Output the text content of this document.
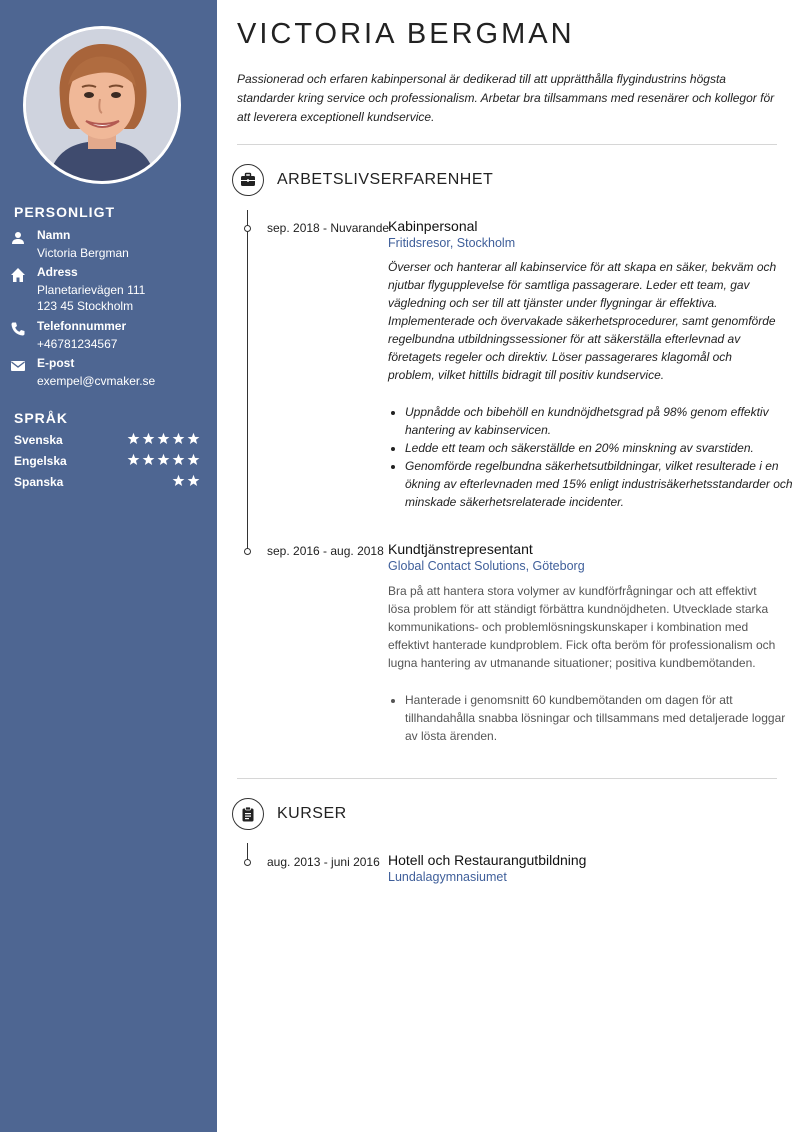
PERSONLIGT
Namn
Victoria Bergman
Adress
Planetarievägen 111
123 45 Stockholm
Telefonnummer
+46781234567
E-post
exempel@cvmaker.se
SPRÅK
Svenska
Engelska
Spanska
VICTORIA BERGMAN
Passionerad och erfaren kabinpersonal är dedikerad till att upprätthålla flygindustrins högsta standarder kring service och professionalism. Arbetar bra tillsammans med resenärer och kollegor för att leverera exceptionell kundservice.
ARBETSLIVSERFARENHET
sep. 2018 - Nuvarande
Kabinpersonal
Fritidsresor, Stockholm
Överser och hanterar all kabinservice för att skapa en säker, bekväm och njutbar flygupplevelse för samtliga passagerare. Leder ett team, gav vägledning och ser till att tjänster under flygningar är effektiva. Implementerade och övervakade säkerhetsprocedurer, samt genomförde regelbundna utbildningssessioner för att säkerställa efterlevnad av företagets regeler och direktiv. Löser passagerares klagomål och problem, vilket hittills bidragit till positiv kundservice.
• Uppnådde och bibehöll en kundnöjdhetsgrad på 98% genom effektiv hantering av kabinservicen.
• Ledde ett team och säkerställde en 20% minskning av svarstiden.
• Genomförde regelbundna säkerhetsutbildningar, vilket resulterade i en ökning av efterlevnaden med 15% enligt industrisäkerhetsstandarder och minskade säkerhetsrelaterade incidenter.
sep. 2016 - aug. 2018 Kundtjänstrepresentant
Global Contact Solutions, Göteborg
Bra på att hantera stora volymer av kundförfrågningar och att effektivt lösa problem för att ständigt förbättra kundnöjdheten. Utvecklade starka kommunikations- och problemlösningskunskaper i kombination med effektivt hanterade kundproblem. Fick ofta beröm för professionalism och lugna hantering av utmanande situationer; positiva kundbemötanden.
• Hanterade i genomsnitt 60 kundbemötanden om dagen för att tillhandahålla snabba lösningar och tillsammans med detaljerade loggar av lösta ärenden.
KURSER
aug. 2013 - juni 2016 Hotell och Restaurangutbildning
Lundalagymnasiumet
